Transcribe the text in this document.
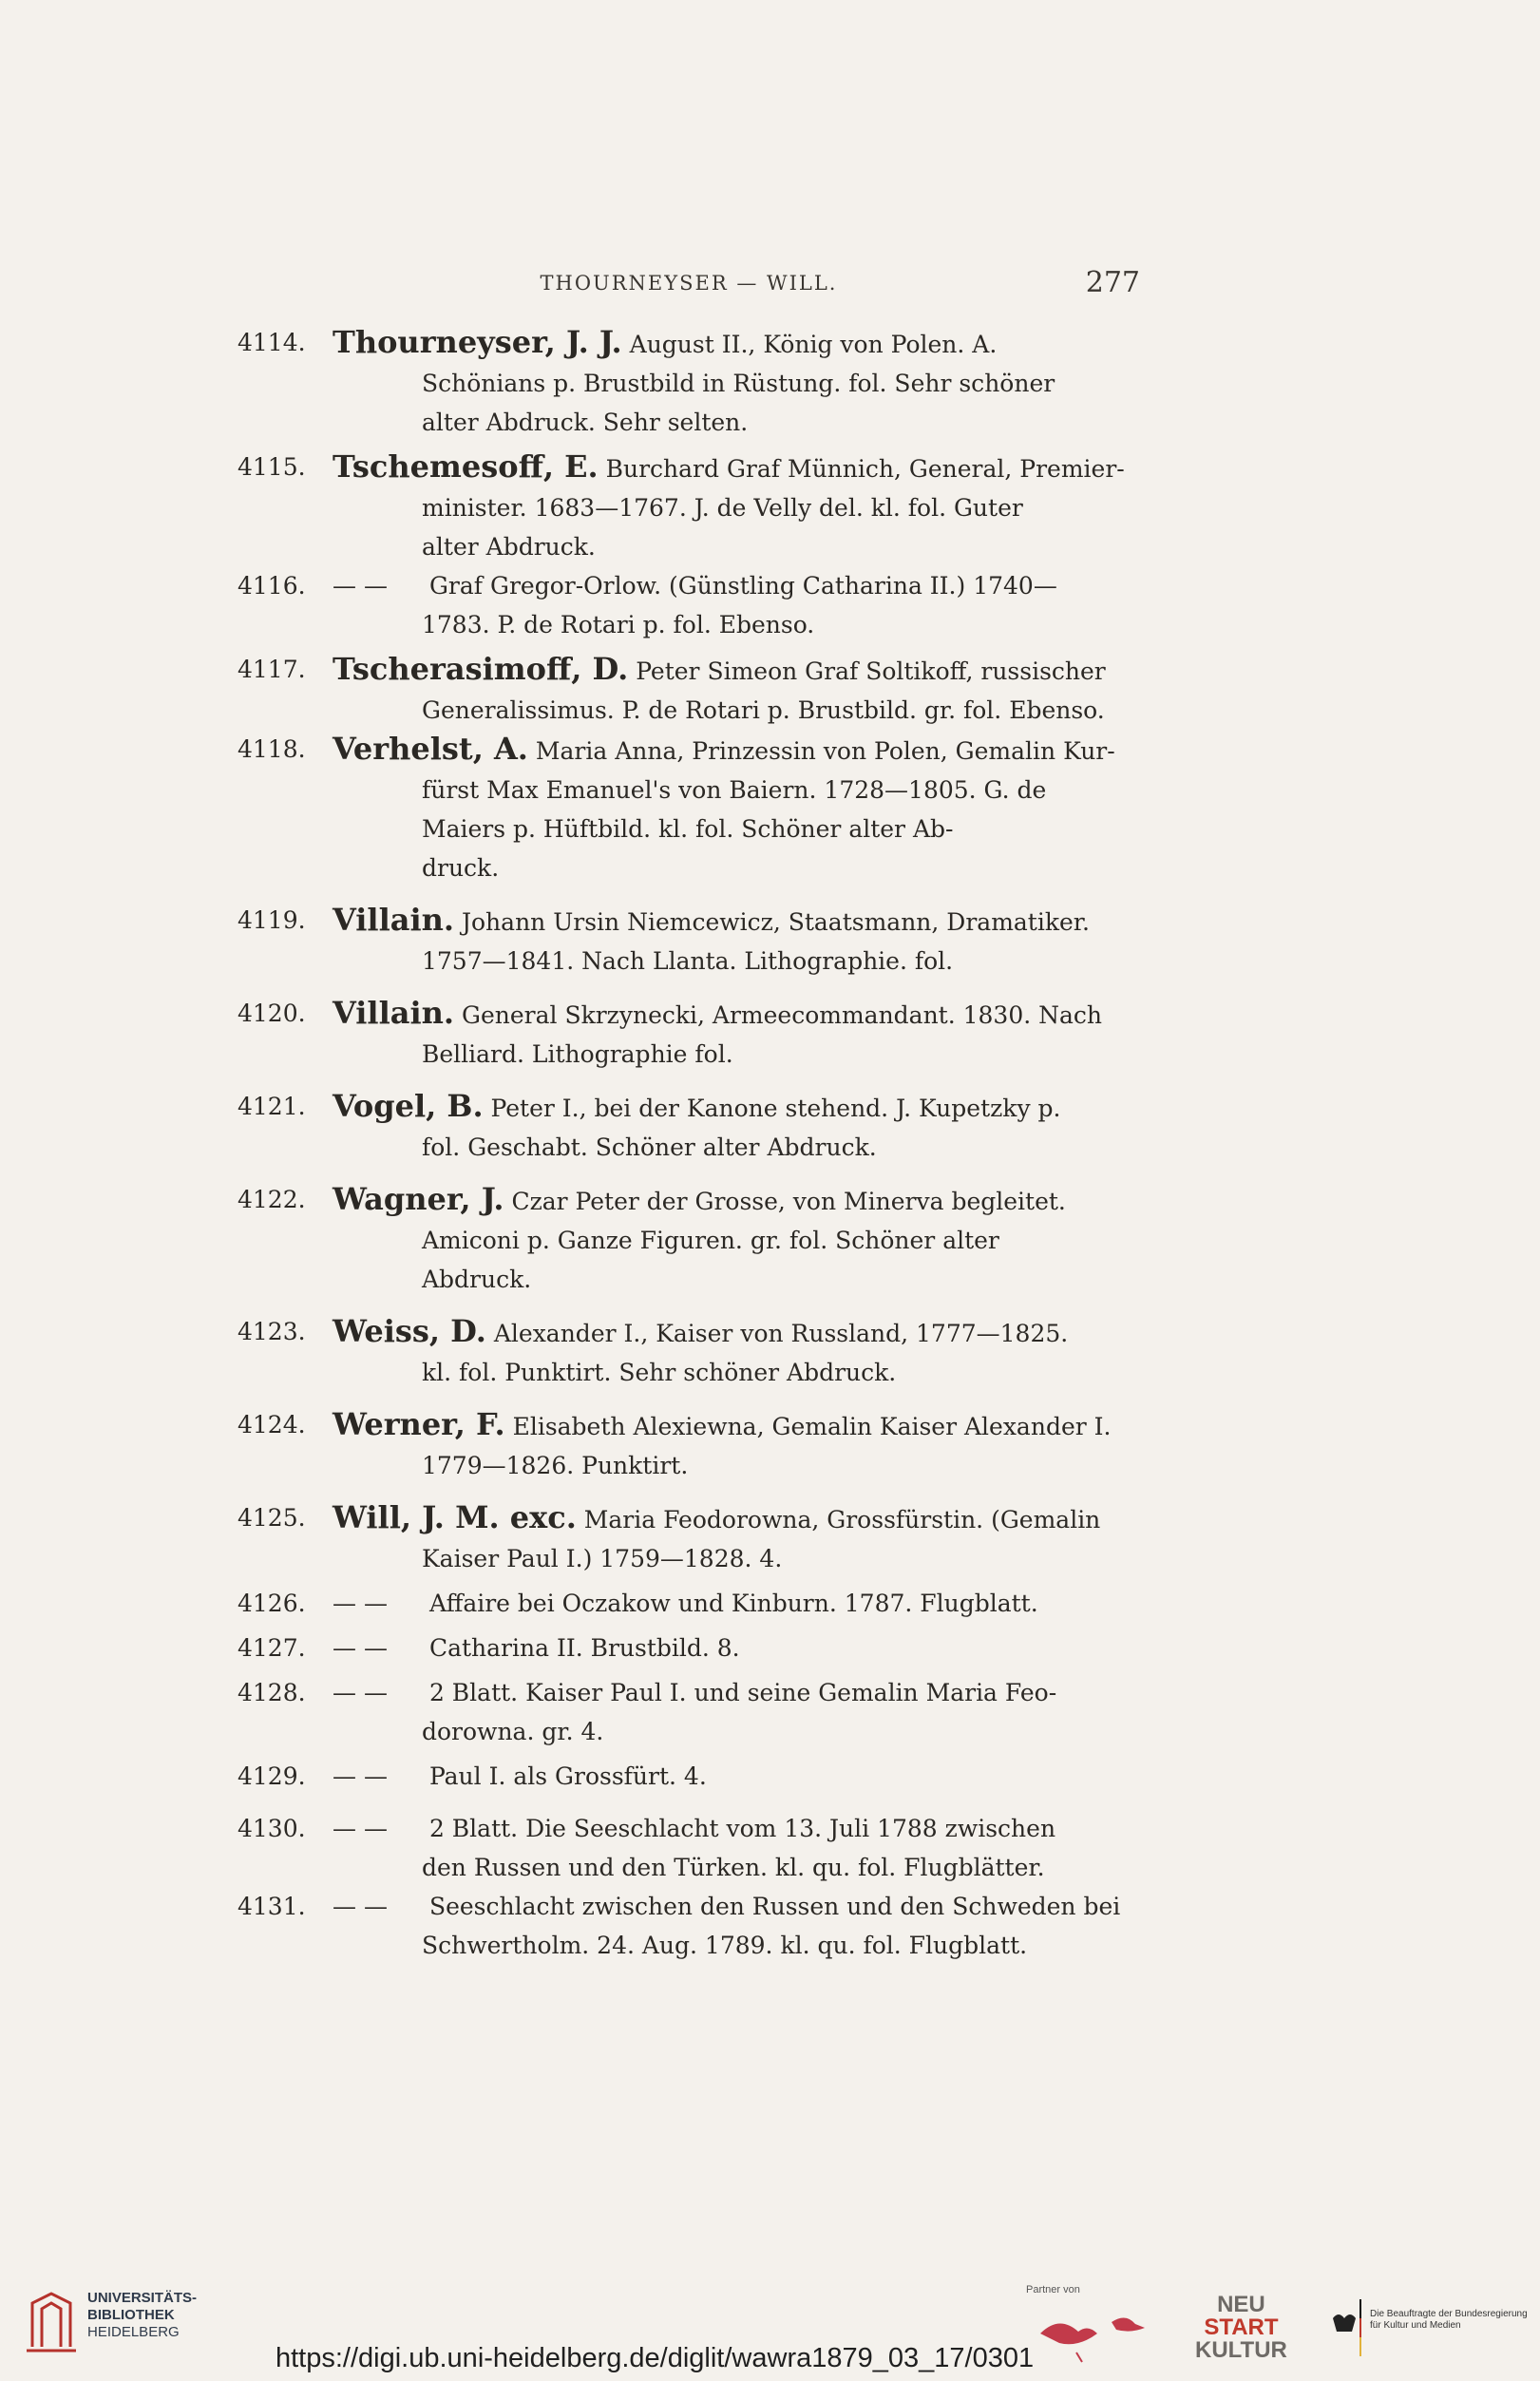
THOURNEYSER — WILL.	277
4114. Thourneyser, J. J. August II., König von Polen. A.
Schönians p. Brustbild in Rüstung. fol. Sehr schöner
alter Abdruck. Sehr selten.
4115. Tschemesoff, E. Burchard Graf Münnich, General, Premier-
minister. 1683—1767. J. de Velly del. kl. fol. Guter
alter Abdruck.
4116. — — Graf Gregor-Orlow. (Günstling Catharina II.) 1740—
1783. P. de Rotari p. fol. Ebenso.
4117. Tscherasimoff, D. Peter Simeon Graf Soltikoff, russischer
Generalissimus. P. de Rotari p. Brustbild. gr. fol. Ebenso.
4118. Verhelst, A. Maria Anna, Prinzessin von Polen, Gemalin Kur-
fürst Max Emanuel's von Baiern. 1728—1805. G. de
Maiers p. Hüftbild. kl. fol. Schöner alter Ab-
druck.
4119. Villain. Johann Ursin Niemcewicz, Staatsmann, Dramatiker.
1757—1841. Nach Llanta. Lithographie. fol.
4120. Villain. General Skrzynecki, Armeecommandant. 1830. Nach
Belliard. Lithographie fol.
4121. Vogel, B. Peter I., bei der Kanone stehend. J. Kupetzky p.
fol. Geschabt. Schöner alter Abdruck.
4122. Wagner, J. Czar Peter der Grosse, von Minerva begleitet.
Amiconi p. Ganze Figuren. gr. fol. Schöner alter
Abdruck.
4123. Weiss, D. Alexander I., Kaiser von Russland, 1777—1825.
kl. fol. Punktirt. Sehr schöner Abdruck.
4124. Werner, F. Elisabeth Alexiewna, Gemalin Kaiser Alexander I.
1779—1826. Punktirt.
4125. Will, J. M. exc. Maria Feodorowna, Grossfürstin. (Gemalin
Kaiser Paul I.) 1759—1828. 4.
4126. — — Affaire bei Oczakow und Kinburn. 1787. Flugblatt.
4127. — — Catharina II. Brustbild. 8.
4128. — — 2 Blatt. Kaiser Paul I. und seine Gemalin Maria Feo-
dorowna. gr. 4.
4129. — — Paul I. als Grossfürt. 4.
4130. — — 2 Blatt. Die Seeschlacht vom 13. Juli 1788 zwischen
den Russen und den Türken. kl. qu. fol. Flugblätter.
4131. — — Seeschlacht zwischen den Russen und den Schweden bei
Schwertholm. 24. Aug. 1789. kl. qu. fol. Flugblatt.
UNIVERSITÄTS-
BIBLIOTHEK
HEIDELBERG
https://digi.ub.uni-heidelberg.de/diglit/wawra1879_03_17/0301
Partner von
NEU
START
KULTUR
Die Beauftragte der Bundesregierung
für Kultur und Medien
